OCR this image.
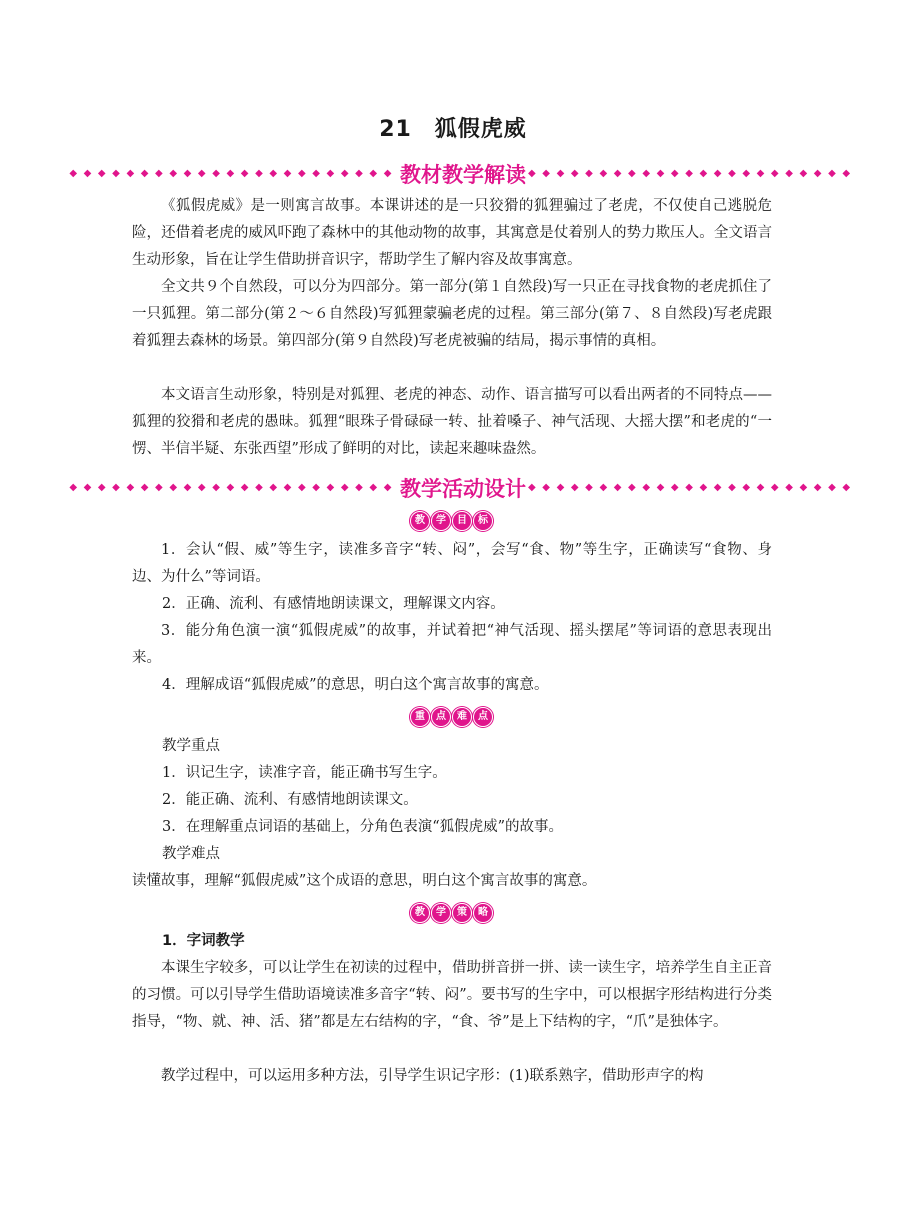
21　狐假虎威
◆◆◆◆◆◆◆◆◆◆◆◆◆◆◆◆◆◆◆◆◆◆◆ 教材教学解读 ◆◆◆◆◆◆◆◆◆◆◆◆◆◆◆◆◆◆◆◆◆◆◆
《狐假虎威》是一则寓言故事。本课讲述的是一只狡猾的狐狸骗过了老虎，不仅使自己逃脱危险，还借着老虎的威风吓跑了森林中的其他动物的故事，其寓意是仗着别人的势力欺压人。全文语言生动形象，旨在让学生借助拼音识字，帮助学生了解内容及故事寓意。
全文共９个自然段，可以分为四部分。第一部分(第１自然段)写一只正在寻找食物的老虎抓住了一只狐狸。第二部分(第２～６自然段)写狐狸蒙骗老虎的过程。第三部分(第７、８自然段)写老虎跟着狐狸去森林的场景。第四部分(第９自然段)写老虎被骗的结局，揭示事情的真相。
本文语言生动形象，特别是对狐狸、老虎的神态、动作、语言描写可以看出两者的不同特点——狐狸的狡猾和老虎的愚昧。狐狸“眼珠子骨碌碌一转、扯着嗓子、神气活现、大摇大摆”和老虎的“一愣、半信半疑、东张西望”形成了鲜明的对比，读起来趣味盎然。
◆◆◆◆◆◆◆◆◆◆◆◆◆◆◆◆◆◆◆◆◆◆◆ 教学活动设计 ◆◆◆◆◆◆◆◆◆◆◆◆◆◆◆◆◆◆◆◆◆◆◆
教	学	目	标
1．会认“假、威”等生字，读准多音字“转、闷”，会写“食、物”等生字，正确读写“食物、身边、为什么”等词语。
2．正确、流利、有感情地朗读课文，理解课文内容。
3．能分角色演一演“狐假虎威”的故事，并试着把“神气活现、摇头摆尾”等词语的意思表现出来。
4．理解成语“狐假虎威”的意思，明白这个寓言故事的寓意。
重	点	难	点
教学重点
1．识记生字，读准字音，能正确书写生字。
2．能正确、流利、有感情地朗读课文。
3．在理解重点词语的基础上，分角色表演“狐假虎威”的故事。
教学难点
读懂故事，理解“狐假虎威”这个成语的意思，明白这个寓言故事的寓意。
教	学	策	略
1．字词教学
本课生字较多，可以让学生在初读的过程中，借助拼音拼一拼、读一读生字，培养学生自主正音的习惯。可以引导学生借助语境读准多音字“转、闷”。要书写的生字中，可以根据字形结构进行分类指导，“物、就、神、活、猪”都是左右结构的字，“食、爷”是上下结构的字，“爪”是独体字。
教学过程中，可以运用多种方法，引导学生识记字形：(1)联系熟字，借助形声字的构
